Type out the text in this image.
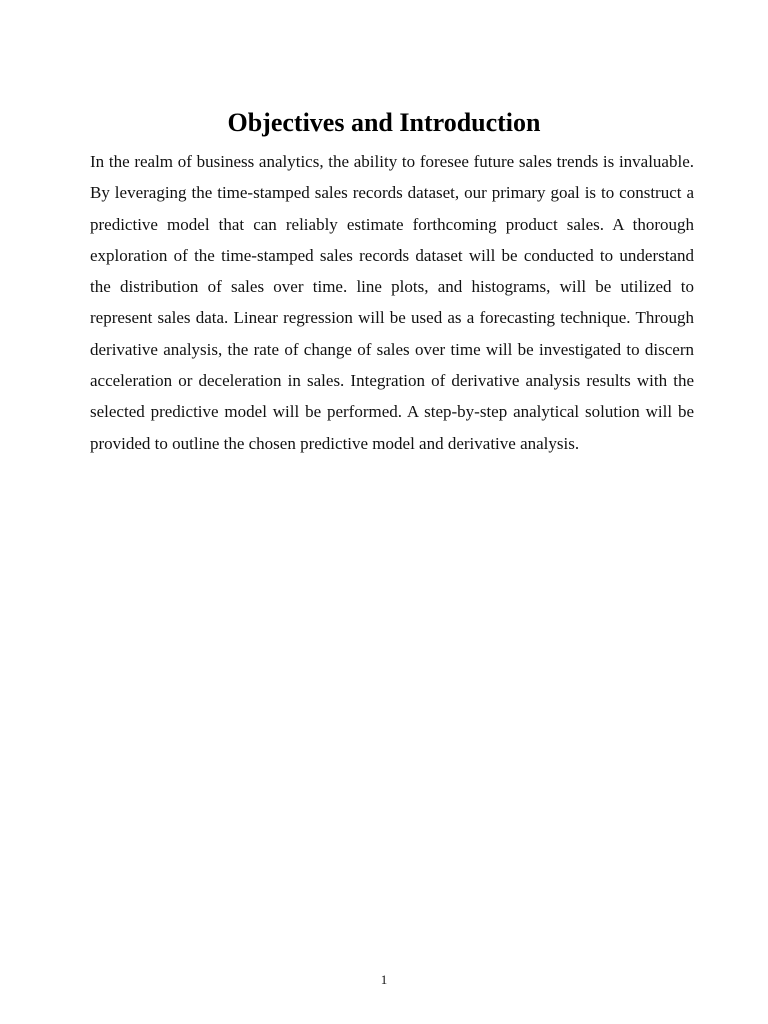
Objectives and Introduction

In the realm of business analytics, the ability to foresee future sales trends is invaluable. By leveraging the time-stamped sales records dataset, our primary goal is to construct a predictive model that can reliably estimate forthcoming product sales. A thorough exploration of the time-stamped sales records dataset will be conducted to understand the distribution of sales over time. line plots, and histograms, will be utilized to represent sales data. Linear regression will be used as a forecasting technique. Through derivative analysis, the rate of change of sales over time will be investigated to discern acceleration or deceleration in sales. Integration of derivative analysis results with the selected predictive model will be performed. A step-by-step analytical solution will be provided to outline the chosen predictive model and derivative analysis.

1
